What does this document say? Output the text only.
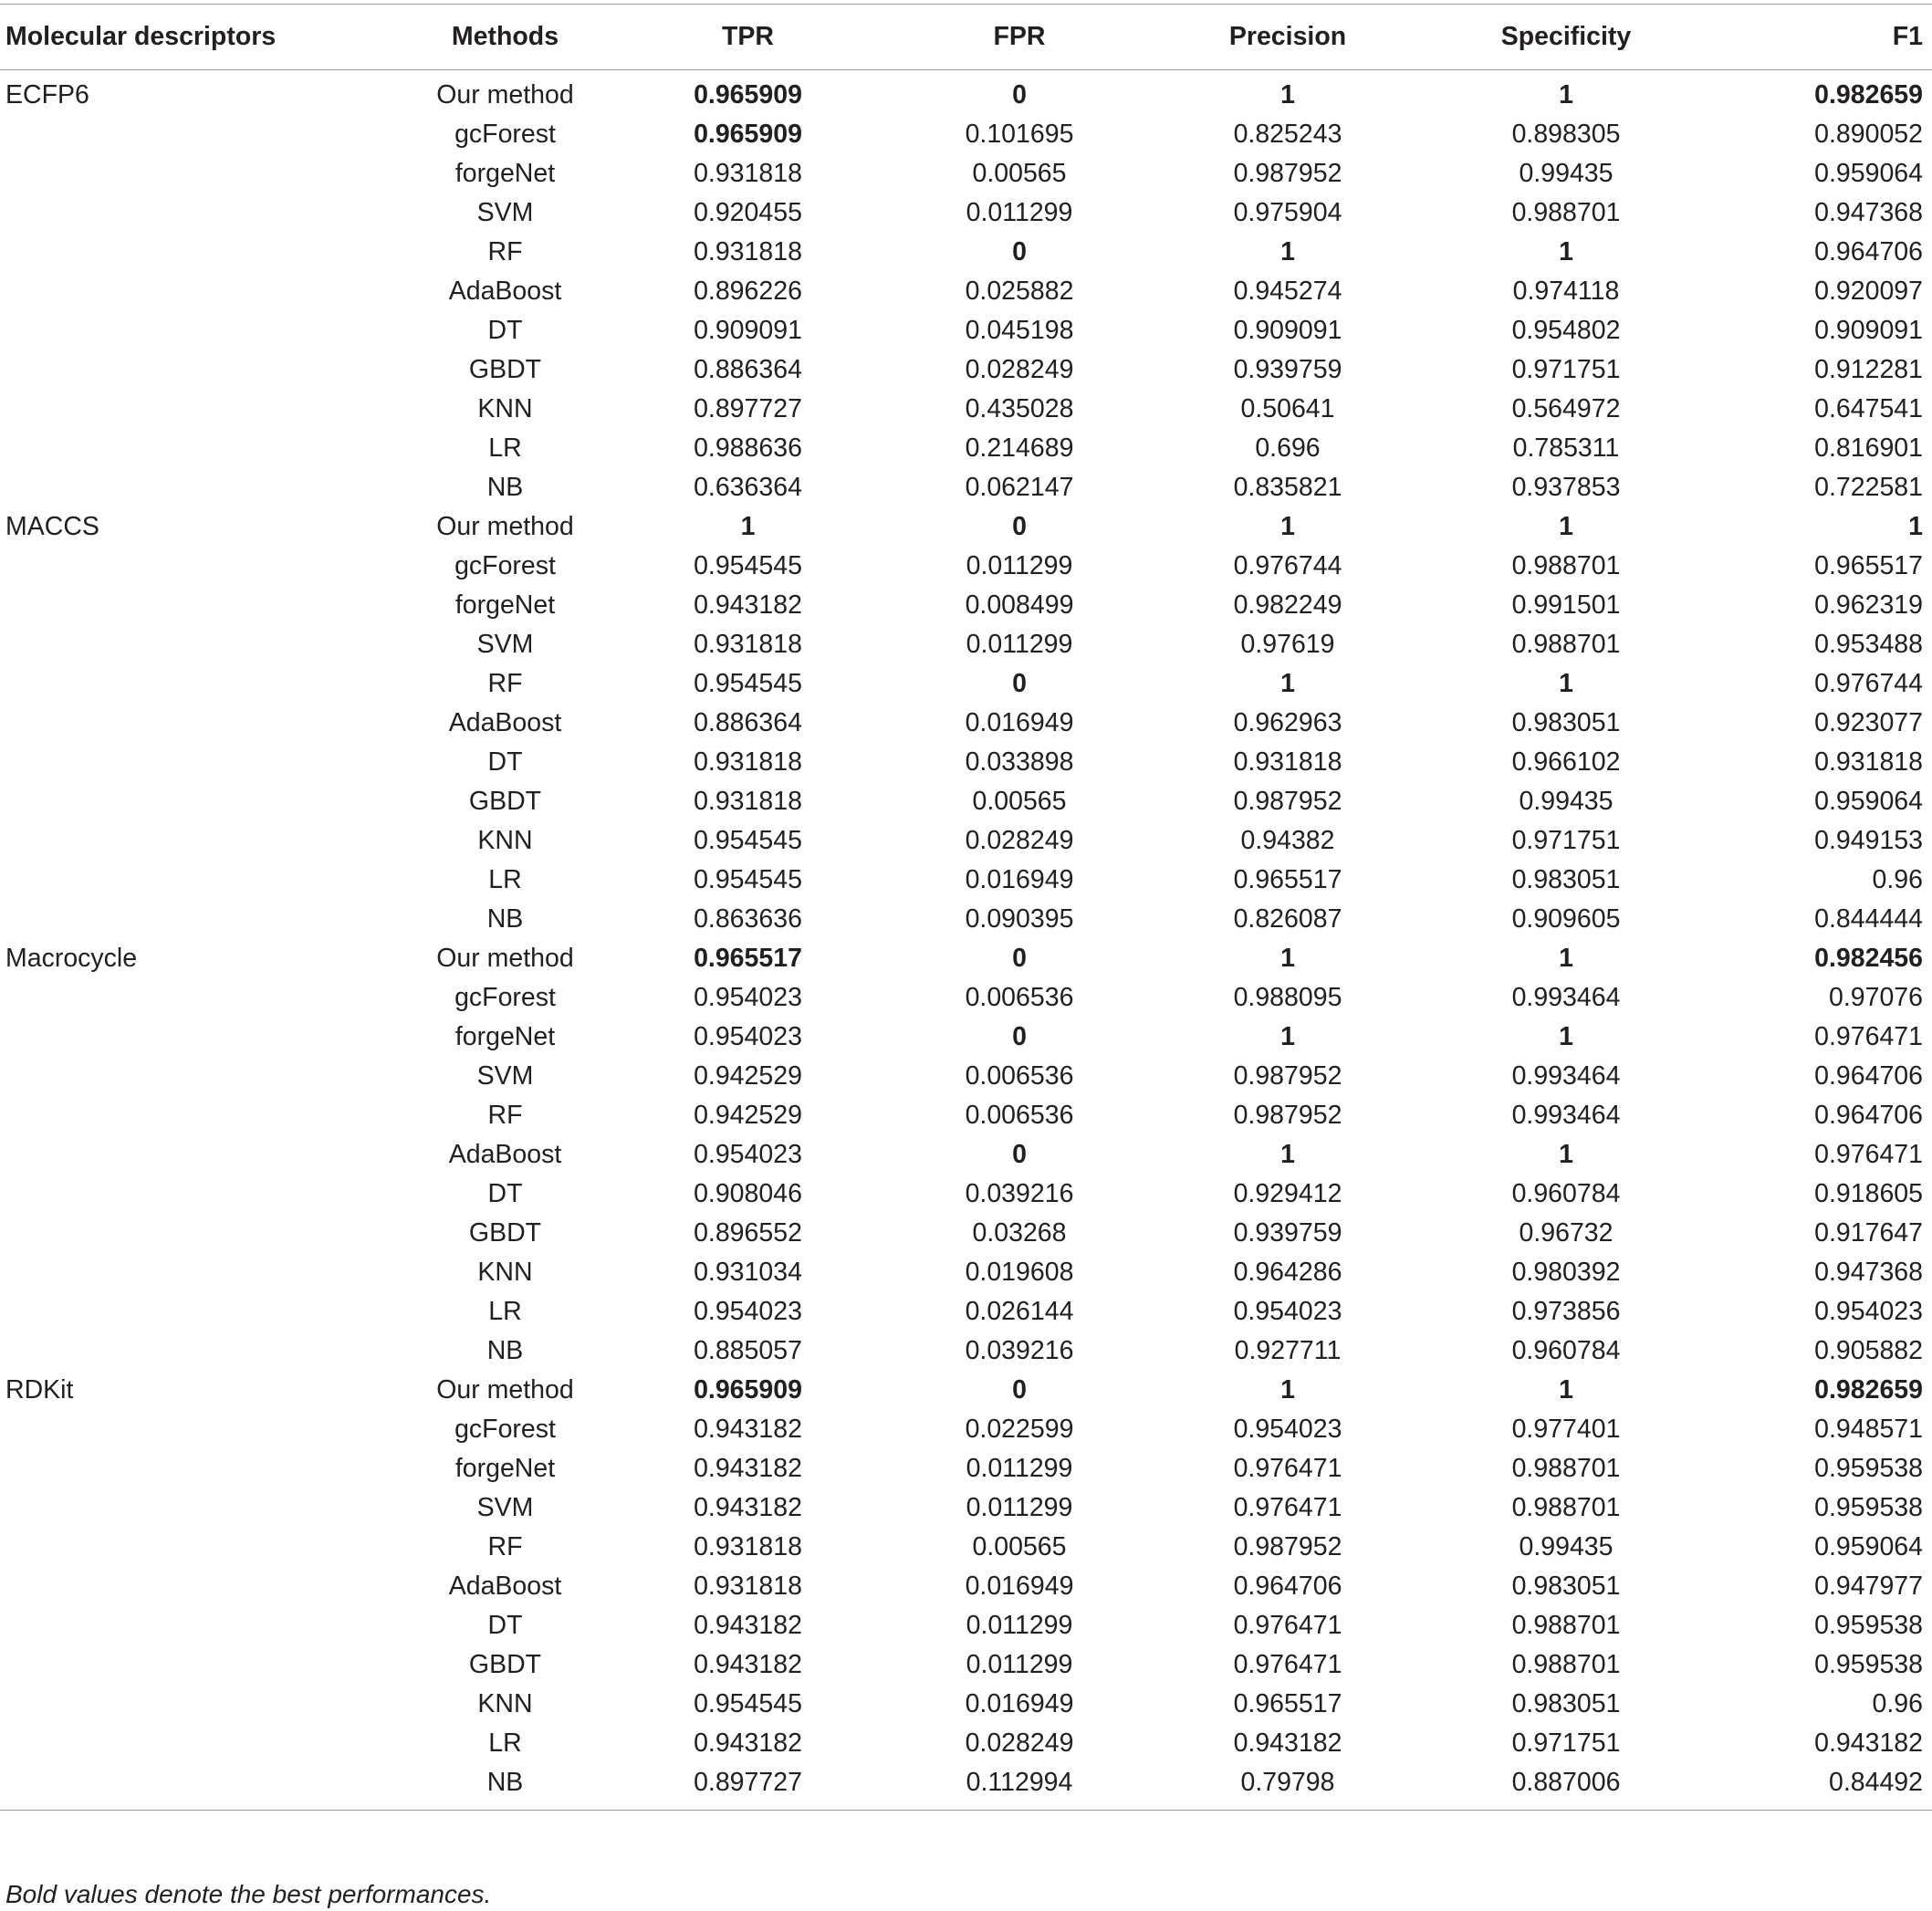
Molecular descriptors	Methods	TPR	FPR	Precision	Specificity	F1
ECFP6	Our method	0.965909	0	1	1	0.982659
	gcForest	0.965909	0.101695	0.825243	0.898305	0.890052
	forgeNet	0.931818	0.00565	0.987952	0.99435	0.959064
	SVM	0.920455	0.011299	0.975904	0.988701	0.947368
	RF	0.931818	0	1	1	0.964706
	AdaBoost	0.896226	0.025882	0.945274	0.974118	0.920097
	DT	0.909091	0.045198	0.909091	0.954802	0.909091
	GBDT	0.886364	0.028249	0.939759	0.971751	0.912281
	KNN	0.897727	0.435028	0.50641	0.564972	0.647541
	LR	0.988636	0.214689	0.696	0.785311	0.816901
	NB	0.636364	0.062147	0.835821	0.937853	0.722581
MACCS	Our method	1	0	1	1	1
	gcForest	0.954545	0.011299	0.976744	0.988701	0.965517
	forgeNet	0.943182	0.008499	0.982249	0.991501	0.962319
	SVM	0.931818	0.011299	0.97619	0.988701	0.953488
	RF	0.954545	0	1	1	0.976744
	AdaBoost	0.886364	0.016949	0.962963	0.983051	0.923077
	DT	0.931818	0.033898	0.931818	0.966102	0.931818
	GBDT	0.931818	0.00565	0.987952	0.99435	0.959064
	KNN	0.954545	0.028249	0.94382	0.971751	0.949153
	LR	0.954545	0.016949	0.965517	0.983051	0.96
	NB	0.863636	0.090395	0.826087	0.909605	0.844444
Macrocycle	Our method	0.965517	0	1	1	0.982456
	gcForest	0.954023	0.006536	0.988095	0.993464	0.97076
	forgeNet	0.954023	0	1	1	0.976471
	SVM	0.942529	0.006536	0.987952	0.993464	0.964706
	RF	0.942529	0.006536	0.987952	0.993464	0.964706
	AdaBoost	0.954023	0	1	1	0.976471
	DT	0.908046	0.039216	0.929412	0.960784	0.918605
	GBDT	0.896552	0.03268	0.939759	0.96732	0.917647
	KNN	0.931034	0.019608	0.964286	0.980392	0.947368
	LR	0.954023	0.026144	0.954023	0.973856	0.954023
	NB	0.885057	0.039216	0.927711	0.960784	0.905882
RDKit	Our method	0.965909	0	1	1	0.982659
	gcForest	0.943182	0.022599	0.954023	0.977401	0.948571
	forgeNet	0.943182	0.011299	0.976471	0.988701	0.959538
	SVM	0.943182	0.011299	0.976471	0.988701	0.959538
	RF	0.931818	0.00565	0.987952	0.99435	0.959064
	AdaBoost	0.931818	0.016949	0.964706	0.983051	0.947977
	DT	0.943182	0.011299	0.976471	0.988701	0.959538
	GBDT	0.943182	0.011299	0.976471	0.988701	0.959538
	KNN	0.954545	0.016949	0.965517	0.983051	0.96
	LR	0.943182	0.028249	0.943182	0.971751	0.943182
	NB	0.897727	0.112994	0.79798	0.887006	0.84492
Bold values denote the best performances.
